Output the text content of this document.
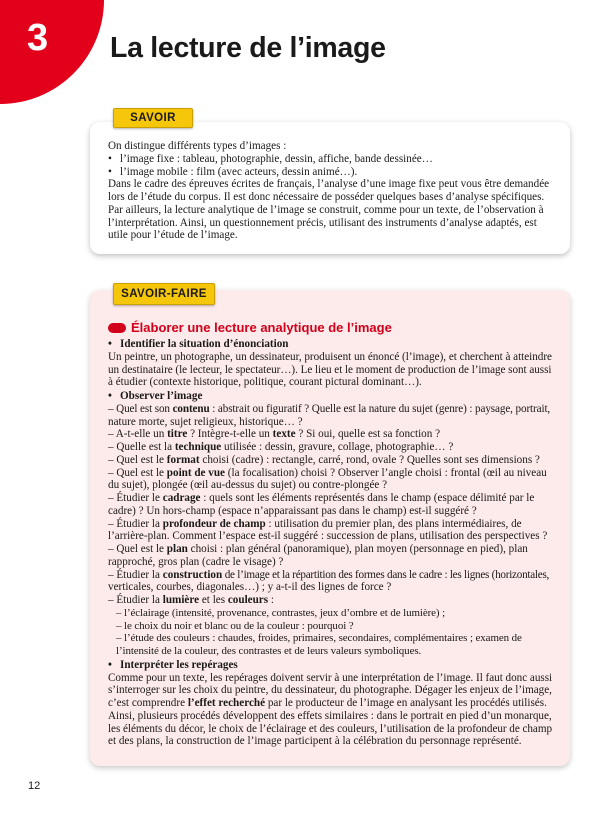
3 La lecture de l’image
SAVOIR
On distingue différents types d’images :
• l’image fixe : tableau, photographie, dessin, affiche, bande dessinée…
• l’image mobile : film (avec acteurs, dessin animé…).
Dans le cadre des épreuves écrites de français, l’analyse d’une image fixe peut vous être demandée
lors de l’étude du corpus. Il est donc nécessaire de posséder quelques bases d’analyse spécifiques.
Par ailleurs, la lecture analytique de l’image se construit, comme pour un texte, de l’observation à
l’interprétation. Ainsi, un questionnement précis, utilisant des instruments d’analyse adaptés, est
utile pour l’étude de l’image.
SAVOIR-FAIRE
Élaborer une lecture analytique de l’image
• Identifier la situation d’énonciation
Un peintre, un photographe, un dessinateur, produisent un énoncé (l’image), et cherchent à atteindre
un destinataire (le lecteur, le spectateur…). Le lieu et le moment de production de l’image sont aussi
à étudier (contexte historique, politique, courant pictural dominant…).
• Observer l’image
– Quel est son contenu : abstrait ou figuratif ? Quelle est la nature du sujet (genre) : paysage, portrait,
nature morte, sujet religieux, historique… ?
– A-t-elle un titre ? Intègre-t-elle un texte ? Si oui, quelle est sa fonction ?
– Quelle est la technique utilisée : dessin, gravure, collage, photographie… ?
– Quel est le format choisi (cadre) : rectangle, carré, rond, ovale ? Quelles sont ses dimensions ?
– Quel est le point de vue (la focalisation) choisi ? Observer l’angle choisi : frontal (œil au niveau
du sujet), plongée (œil au-dessus du sujet) ou contre-plongée ?
– Étudier le cadrage : quels sont les éléments représentés dans le champ (espace délimité par le
cadre) ? Un hors-champ (espace n’apparaissant pas dans le champ) est-il suggéré ?
– Étudier la profondeur de champ : utilisation du premier plan, des plans intermédiaires, de
l’arrière-plan. Comment l’espace est-il suggéré : succession de plans, utilisation des perspectives ?
– Quel est le plan choisi : plan général (panoramique), plan moyen (personnage en pied), plan
rapproché, gros plan (cadre le visage) ?
– Étudier la construction de l’image et la répartition des formes dans le cadre : les lignes (horizontales,
verticales, courbes, diagonales…) ; y a-t-il des lignes de force ?
– Étudier la lumière et les couleurs :
– l’éclairage (intensité, provenance, contrastes, jeux d’ombre et de lumière) ;
– le choix du noir et blanc ou de la couleur : pourquoi ?
– l’étude des couleurs : chaudes, froides, primaires, secondaires, complémentaires ; examen de
l’intensité de la couleur, des contrastes et de leurs valeurs symboliques.
• Interpréter les repérages
Comme pour un texte, les repérages doivent servir à une interprétation de l’image. Il faut donc aussi
s’interroger sur les choix du peintre, du dessinateur, du photographe. Dégager les enjeux de l’image,
c’est comprendre l’effet recherché par le producteur de l’image en analysant les procédés utilisés.
Ainsi, plusieurs procédés développent des effets similaires : dans le portrait en pied d’un monarque,
les éléments du décor, le choix de l’éclairage et des couleurs, l’utilisation de la profondeur de champ
et des plans, la construction de l’image participent à la célébration du personnage représenté.
12
